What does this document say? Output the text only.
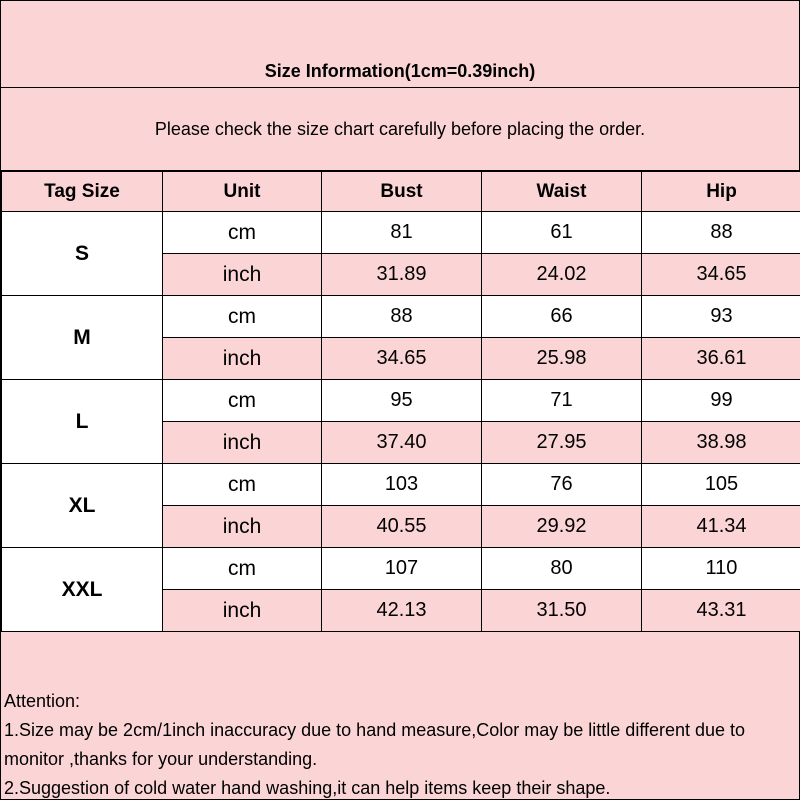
Size Information(1cm=0.39inch)
Please check the size chart carefully before placing the order.
Tag Size	Unit	Bust	Waist	Hip
S	cm	81	61	88
	inch	31.89	24.02	34.65
M	cm	88	66	93
	inch	34.65	25.98	36.61
L	cm	95	71	99
	inch	37.40	27.95	38.98
XL	cm	103	76	105
	inch	40.55	29.92	41.34
XXL	cm	107	80	110
	inch	42.13	31.50	43.31
Attention:
1.Size may be 2cm/1inch inaccuracy due to hand measure,Color may be little different due to monitor ,thanks for your understanding.
2.Suggestion of cold water hand washing,it can help items keep their shape.
